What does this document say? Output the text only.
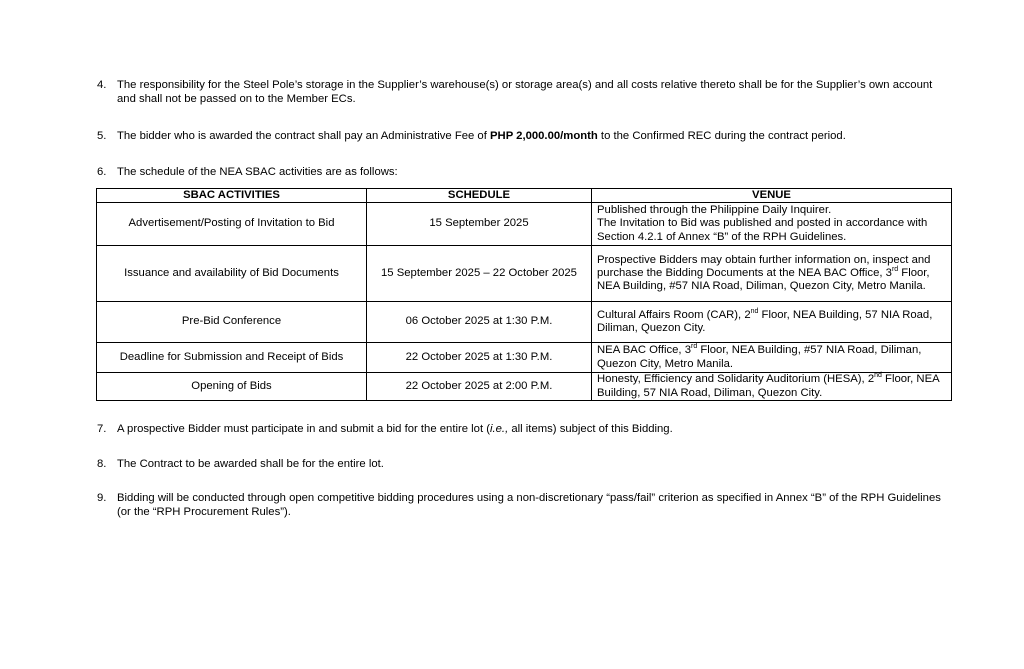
4. The responsibility for the Steel Pole’s storage in the Supplier’s warehouse(s) or storage area(s) and all costs relative thereto shall be for the Supplier’s own account and shall not be passed on to the Member ECs.
5. The bidder who is awarded the contract shall pay an Administrative Fee of PHP 2,000.00/month to the Confirmed REC during the contract period.
6. The schedule of the NEA SBAC activities are as follows:
SBAC ACTIVITIES	SCHEDULE	VENUE
Advertisement/Posting of Invitation to Bid	15 September 2025	Published through the Philippine Daily Inquirer.
The Invitation to Bid was published and posted in accordance with Section 4.2.1 of Annex “B” of the RPH Guidelines.

Issuance and availability of Bid Documents	15 September 2025 – 22 October 2025	Prospective Bidders may obtain further information on, inspect and purchase the Bidding Documents at the NEA BAC Office, 3rd Floor, NEA Building, #57 NIA Road, Diliman, Quezon City, Metro Manila.
Pre-Bid Conference	06 October 2025 at 1:30 P.M.	Cultural Affairs Room (CAR), 2nd Floor, NEA Building, 57 NIA Road, Diliman, Quezon City.
Deadline for Submission and Receipt of Bids	22 October 2025 at 1:30 P.M.	NEA BAC Office, 3rd Floor, NEA Building, #57 NIA Road, Diliman, Quezon City, Metro Manila.
Opening of Bids	22 October 2025 at 2:00 P.M.	Honesty, Efficiency and Solidarity Auditorium (HESA), 2nd Floor, NEA Building, 57 NIA Road, Diliman, Quezon City.
7. A prospective Bidder must participate in and submit a bid for the entire lot (i.e., all items) subject of this Bidding.
8. The Contract to be awarded shall be for the entire lot.
9. Bidding will be conducted through open competitive bidding procedures using a non-discretionary “pass/fail” criterion as specified in Annex “B” of the RPH Guidelines (or the “RPH Procurement Rules”).
